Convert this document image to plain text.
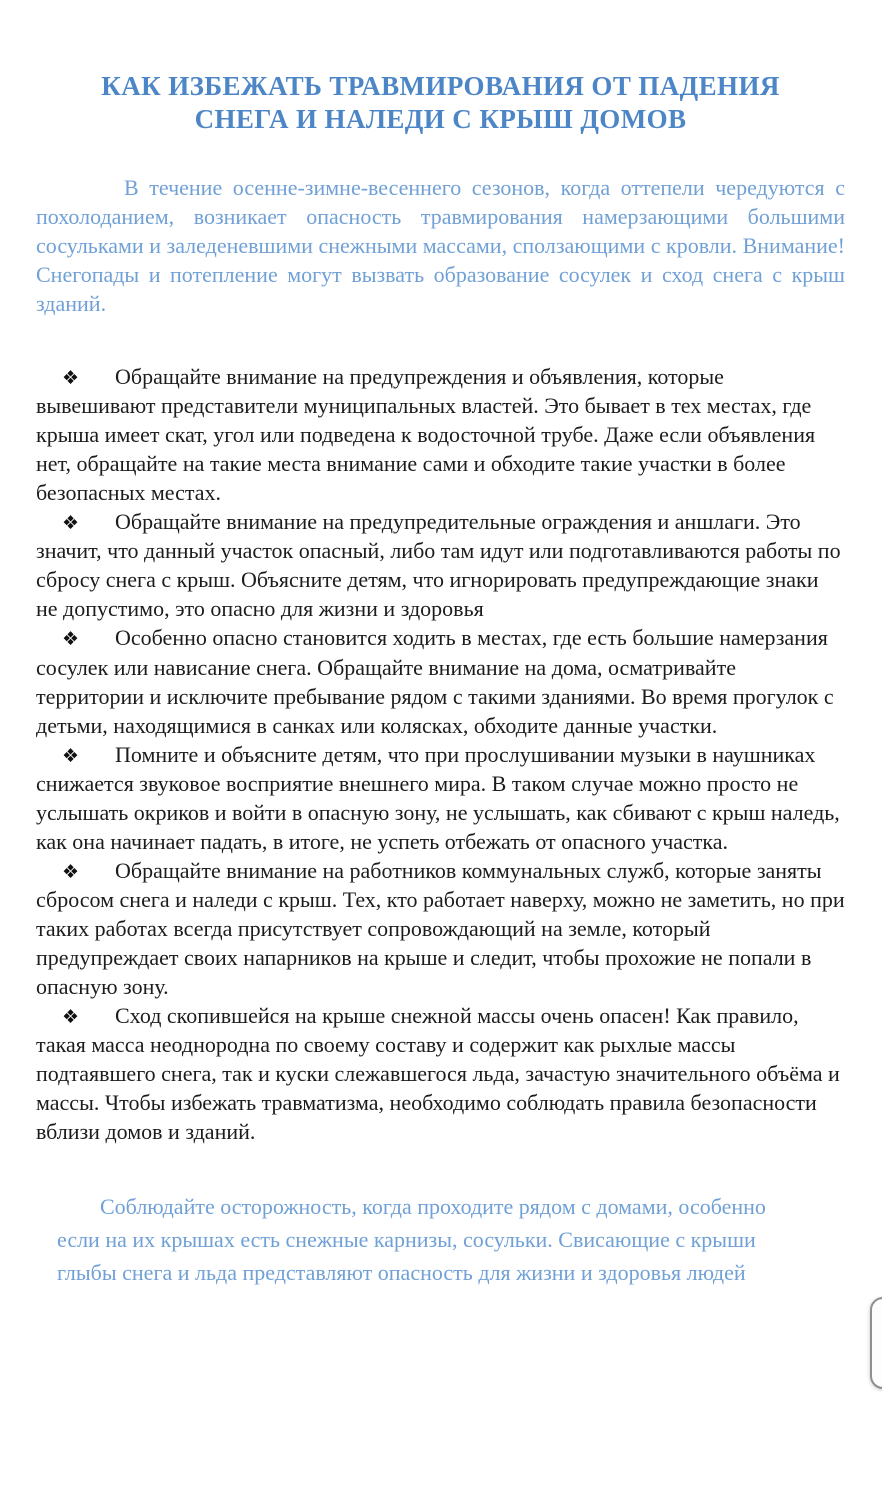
КАК ИЗБЕЖАТЬ ТРАВМИРОВАНИЯ ОТ ПАДЕНИЯ СНЕГА И НАЛЕДИ С КРЫШ ДОМОВ

В течение осенне-зимне-весеннего сезонов, когда оттепели чередуются с похолоданием, возникает опасность травмирования намерзающими большими сосульками и заледеневшими снежными массами, сползающими с кровли. Внимание! Снегопады и потепление могут вызвать образование сосулек и сход снега с крыш зданий.

❖ Обращайте внимание на предупреждения и объявления, которые вывешивают представители муниципальных властей. Это бывает в тех местах, где крыша имеет скат, угол или подведена к водосточной трубе. Даже если объявления нет, обращайте на такие места внимание сами и обходите такие участки в более безопасных местах.

❖ Обращайте внимание на предупредительные ограждения и аншлаги. Это значит, что данный участок опасный, либо там идут или подготавливаются работы по сбросу снега с крыш. Объясните детям, что игнорировать предупреждающие знаки не допустимо, это опасно для жизни и здоровья

❖ Особенно опасно становится ходить в местах, где есть большие намерзания сосулек или нависание снега. Обращайте внимание на дома, осматривайте территории и исключите пребывание рядом с такими зданиями. Во время прогулок с детьми, находящимися в санках или колясках, обходите данные участки.

❖ Помните и объясните детям, что при прослушивании музыки в наушниках снижается звуковое восприятие внешнего мира. В таком случае можно просто не услышать окриков и войти в опасную зону, не услышать, как сбивают с крыш наледь, как она начинает падать, в итоге, не успеть отбежать от опасного участка.

❖ Обращайте внимание на работников коммунальных служб, которые заняты сбросом снега и наледи с крыш. Тех, кто работает наверху, можно не заметить, но при таких работах всегда присутствует сопровождающий на земле, который предупреждает своих напарников на крыше и следит, чтобы прохожие не попали в опасную зону.

❖ Сход скопившейся на крыше снежной массы очень опасен! Как правило, такая масса неоднородна по своему составу и содержит как рыхлые массы подтаявшего снега, так и куски слежавшегося льда, зачастую значительного объёма и массы. Чтобы избежать травматизма, необходимо соблюдать правила безопасности вблизи домов и зданий.

Соблюдайте осторожность, когда проходите рядом с домами, особенно если на их крышах есть снежные карнизы, сосульки. Свисающие с крыши глыбы снега и льда представляют опасность для жизни и здоровья людей
